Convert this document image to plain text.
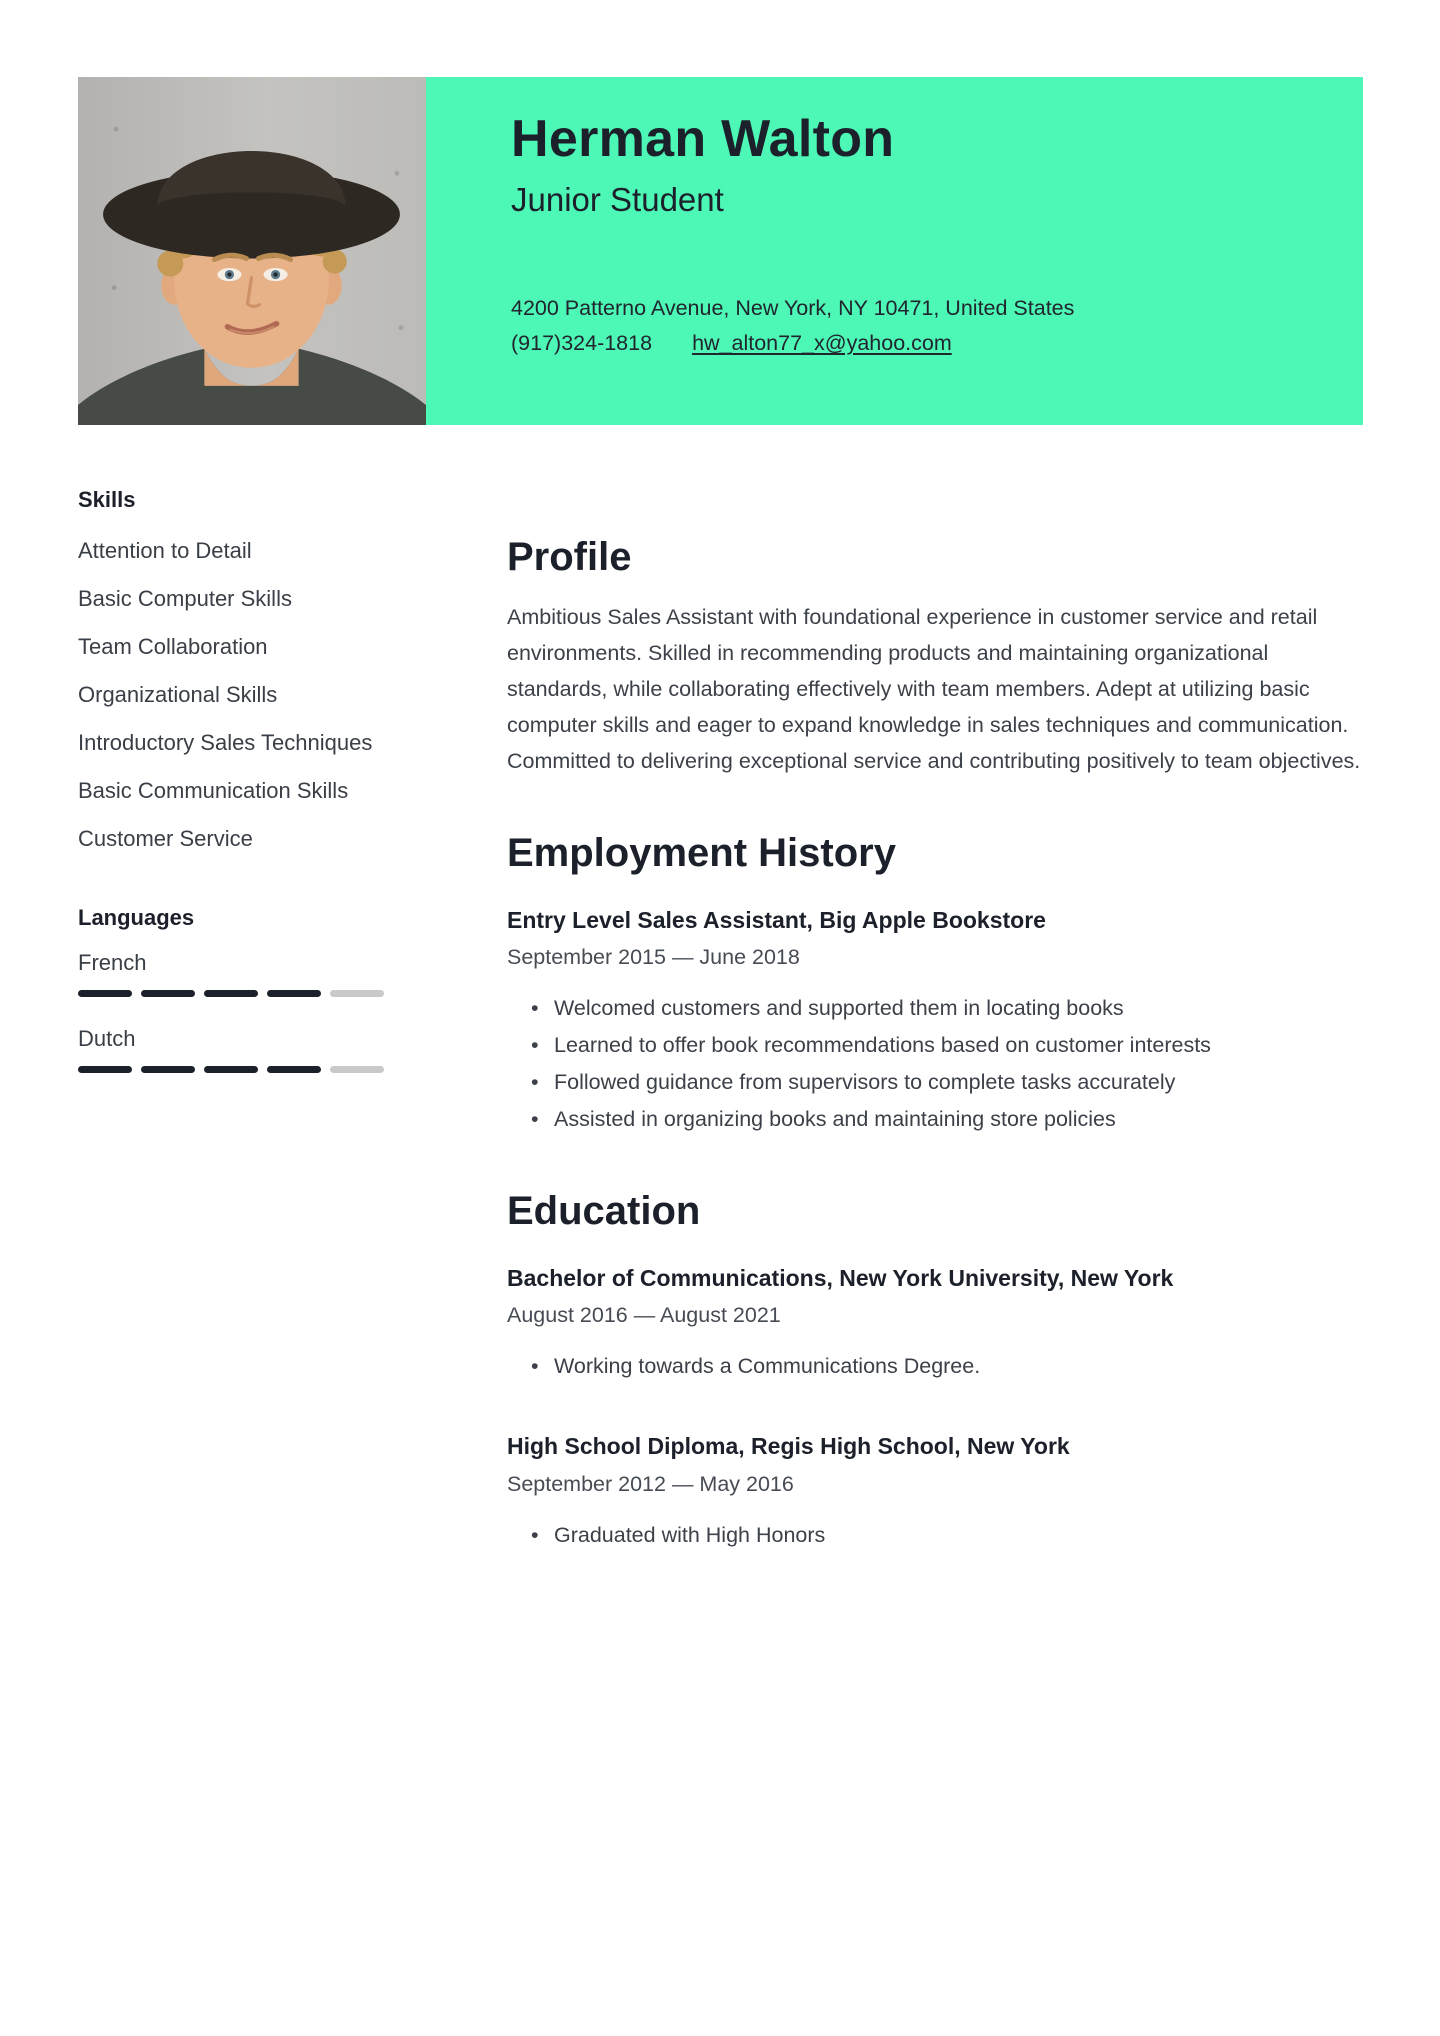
Herman Walton
Junior Student
4200 Patterno Avenue, New York, NY 10471, United States
(917)324-1818 hw_alton77_x@yahoo.com
Skills
Attention to Detail
Basic Computer Skills
Team Collaboration
Organizational Skills
Introductory Sales Techniques
Basic Communication Skills
Customer Service
Languages
French
Dutch
Profile
Ambitious Sales Assistant with foundational experience in customer service and retail environments. Skilled in recommending products and maintaining organizational standards, while collaborating effectively with team members. Adept at utilizing basic computer skills and eager to expand knowledge in sales techniques and communication. Committed to delivering exceptional service and contributing positively to team objectives.
Employment History
Entry Level Sales Assistant, Big Apple Bookstore
September 2015 — June 2018
• Welcomed customers and supported them in locating books
• Learned to offer book recommendations based on customer interests
• Followed guidance from supervisors to complete tasks accurately
• Assisted in organizing books and maintaining store policies
Education
Bachelor of Communications, New York University, New York
August 2016 — August 2021
• Working towards a Communications Degree.
High School Diploma, Regis High School, New York
September 2012 — May 2016
• Graduated with High Honors
